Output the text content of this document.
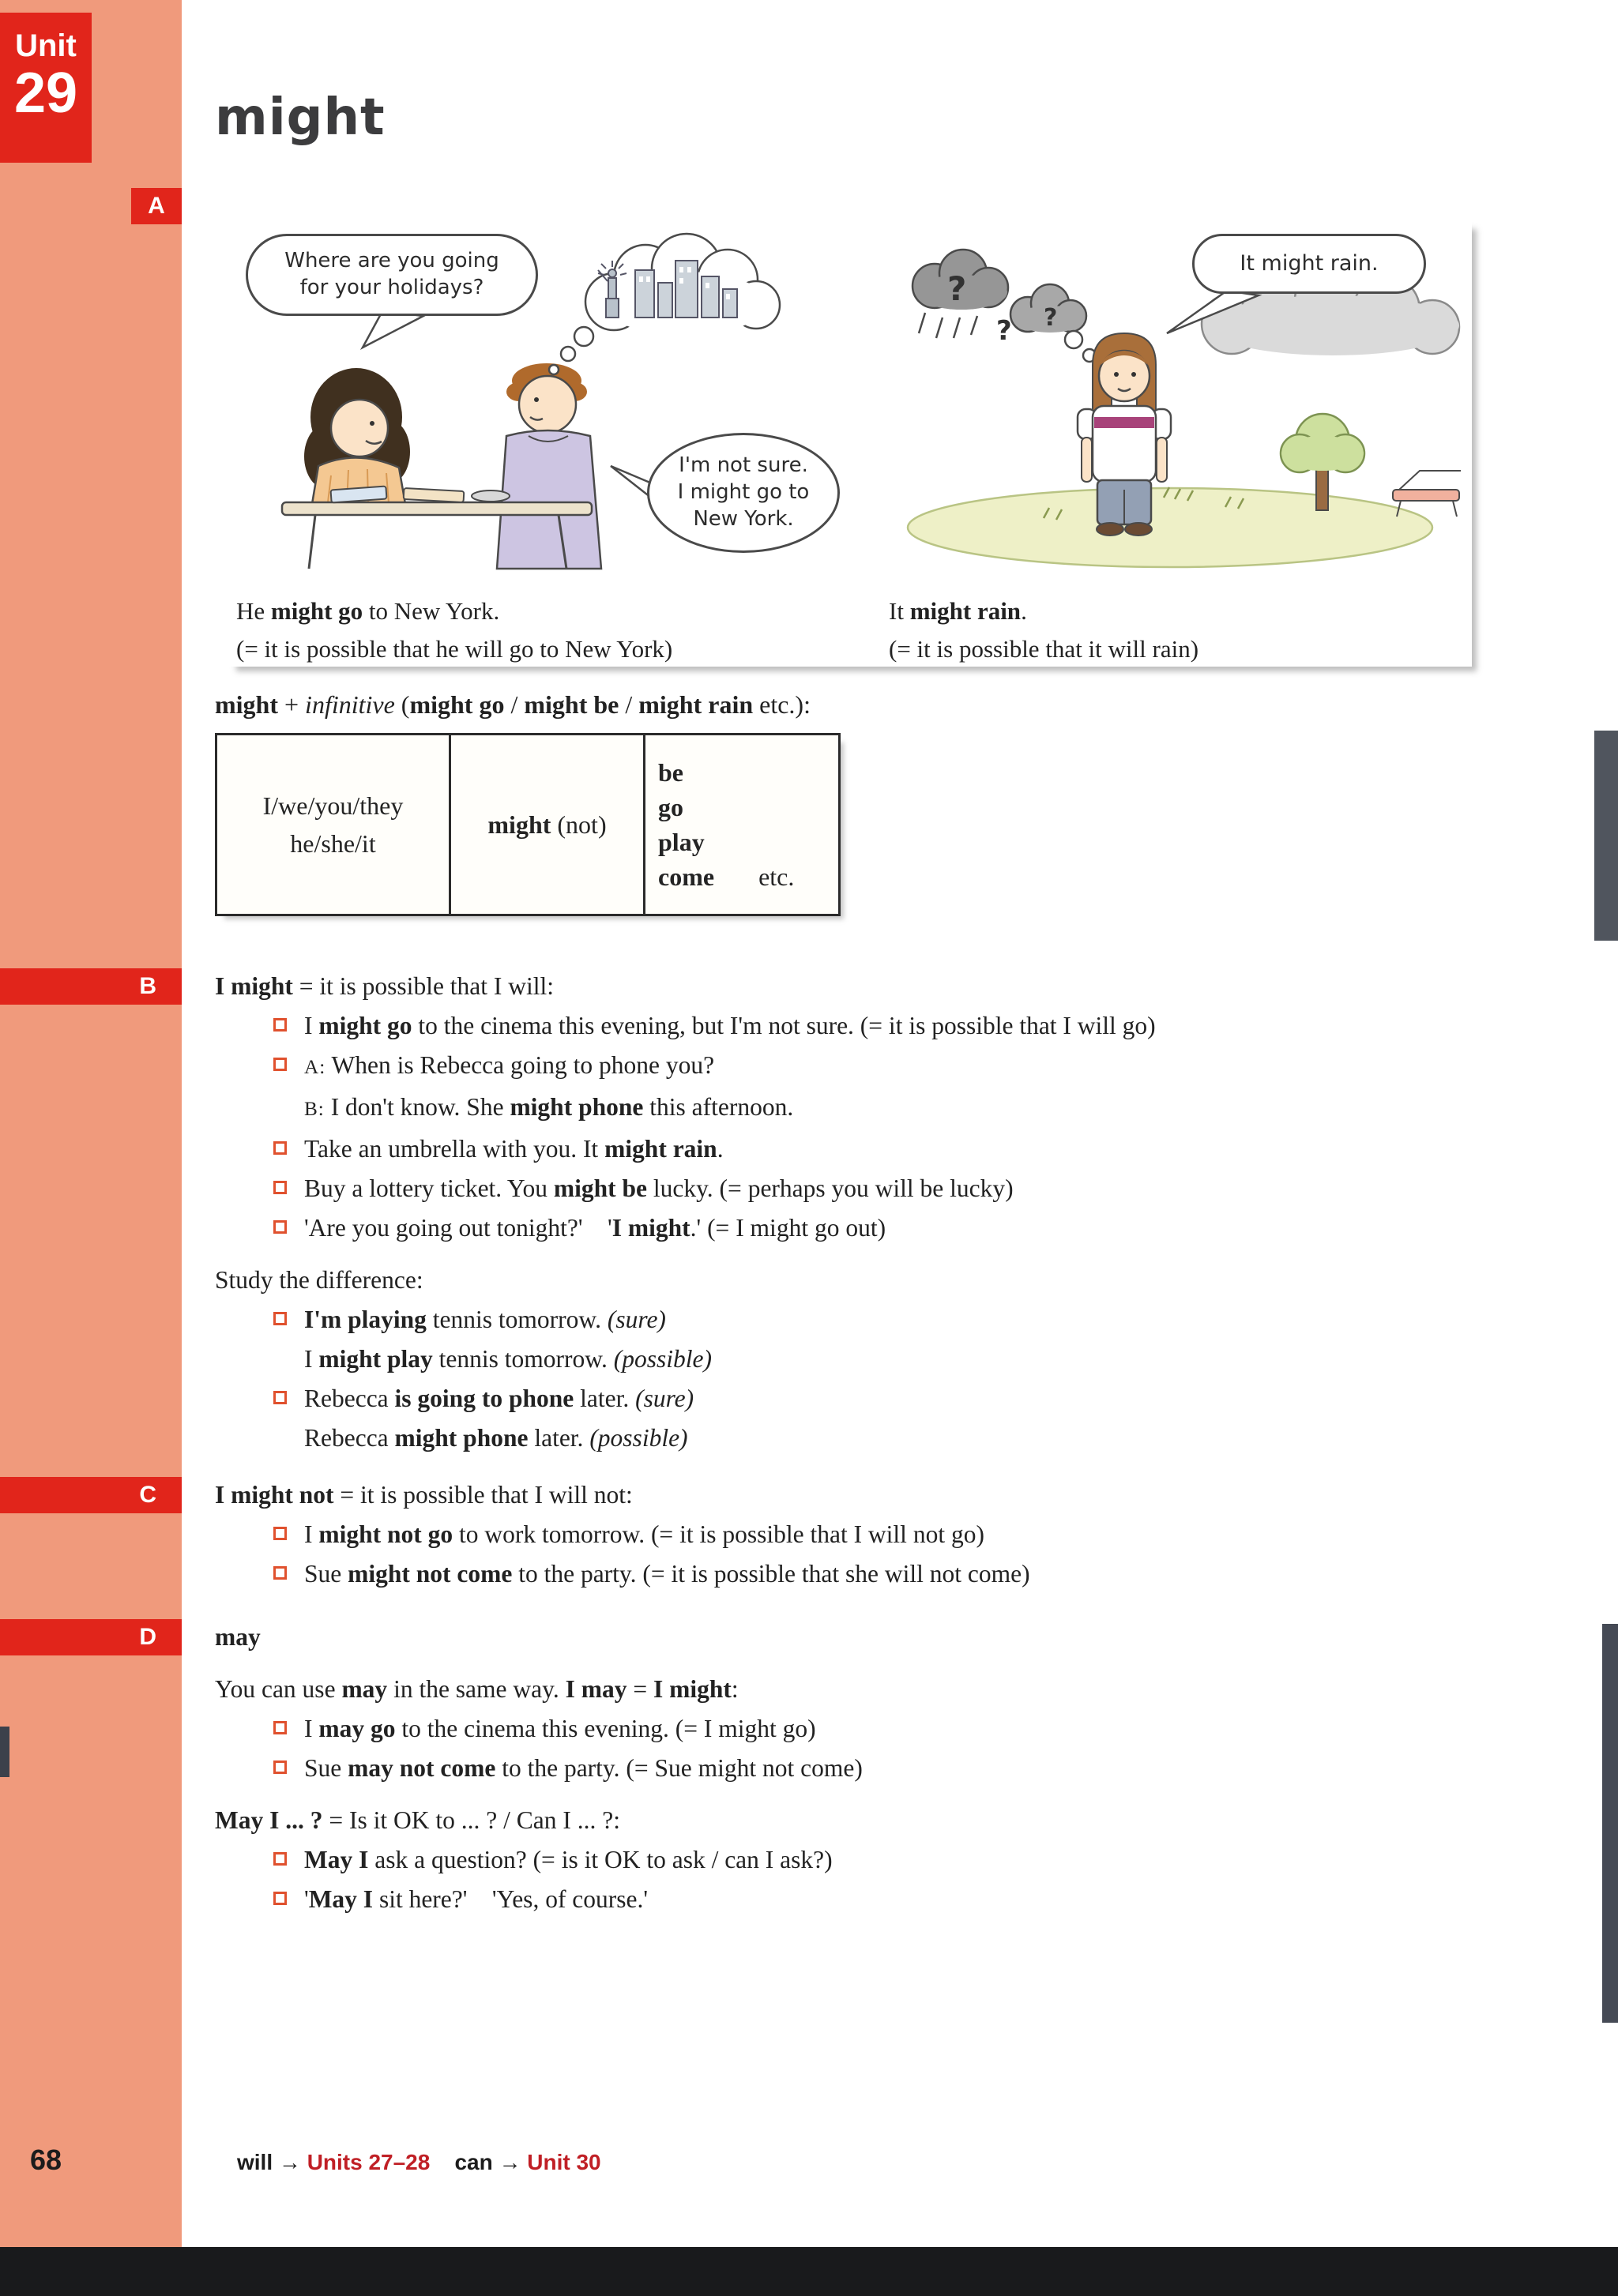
Unit
29
A
B
C
D
might
Where are you going for your holidays?
I'm not sure. I might go to New York.
?
? ?
It might rain.

He might go to New York.

(= it is possible that he will go to New York)

It might rain.

(= it is possible that it will rain)

might + infinitive (might go / might be / might rain etc.):

I/we/you/they
he/she/it
might (not)
be
go
play
come etc.

I might = it is possible that I will:

I might go to the cinema this evening, but I'm not sure. (= it is possible that I will go)
A: When is Rebecca going to phone you?
B: I don't know. She might phone this afternoon.
Take an umbrella with you. It might rain.
Buy a lottery ticket. You might be lucky. (= perhaps you will be lucky)
'Are you going out tonight?'    'I might.' (= I might go out)

Study the difference:

I'm playing tennis tomorrow. (sure)
I might play tennis tomorrow. (possible)
Rebecca is going to phone later. (sure)
Rebecca might phone later. (possible)

I might not = it is possible that I will not:

I might not go to work tomorrow. (= it is possible that I will not go)
Sue might not come to the party. (= it is possible that she will not come)

may

You can use may in the same way. I may = I might:

I may go to the cinema this evening. (= I might go)
Sue may not come to the party. (= Sue might not come)

May I ... ? = Is it OK to ... ? / Can I ... ?:

May I ask a question? (= is it OK to ask / can I ask?)
'May I sit here?'    'Yes, of course.'
68	will → Units 27–28 can → Unit 30
